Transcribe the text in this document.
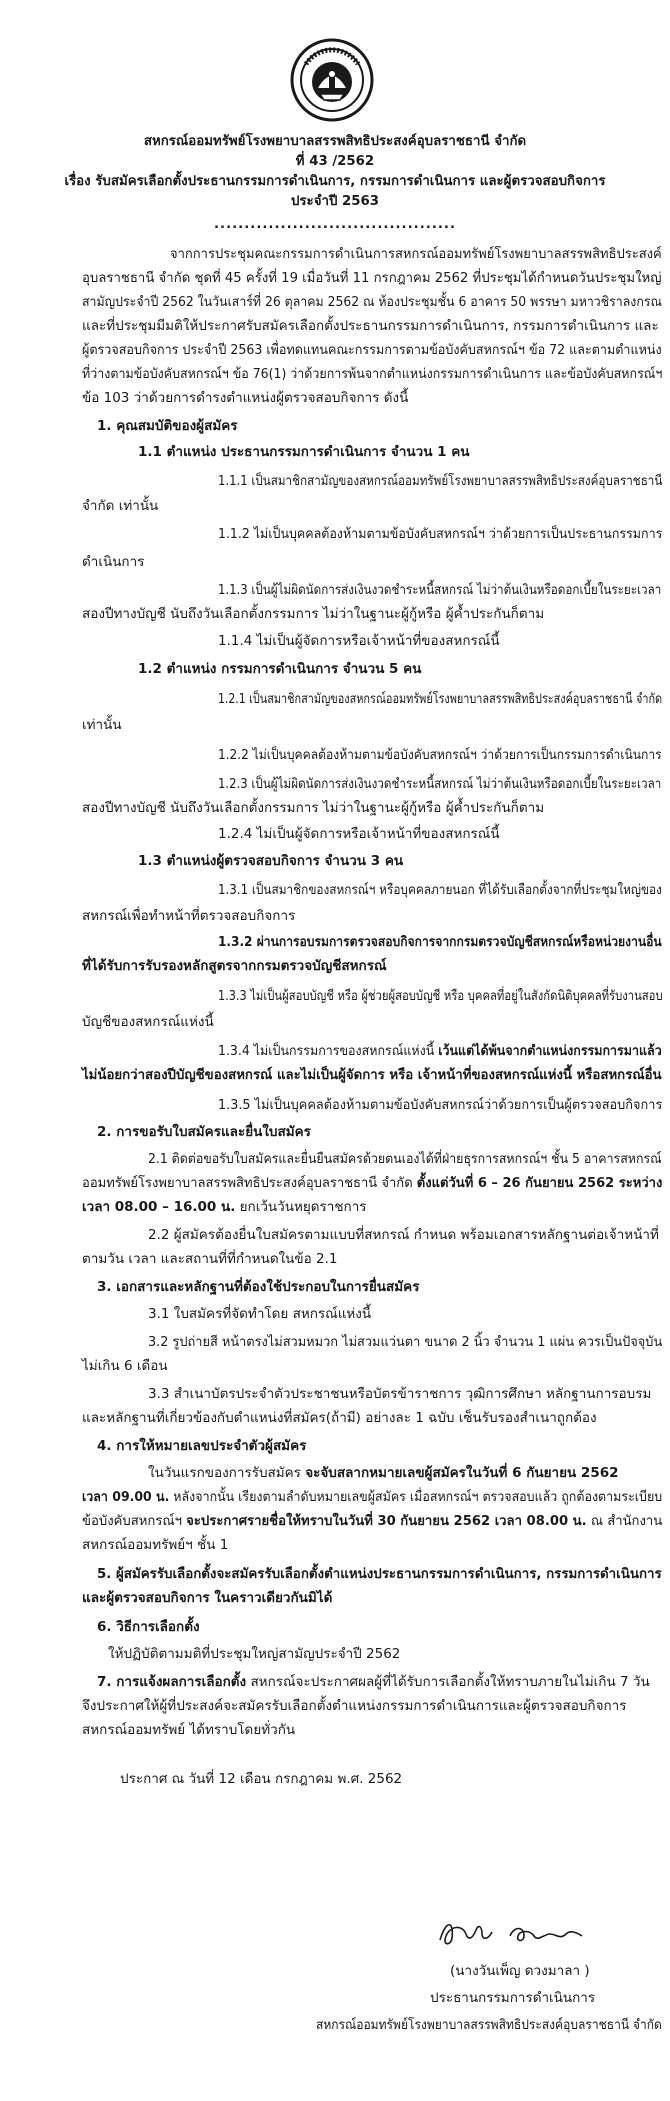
สหกรณ์ออมทรัพย์โรงพยาบาลสรรพสิทธิประสงค์อุบลราชธานี จำกัด
ที่ 43 /2562
เรื่อง รับสมัครเลือกตั้งประธานกรรมการดำเนินการ, กรรมการดำเนินการ และผู้ตรวจสอบกิจการ
ประจำปี 2563
........................................
จากการประชุมคณะกรรมการดำเนินการสหกรณ์ออมทรัพย์โรงพยาบาลสรรพสิทธิประสงค์
อุบลราชธานี จำกัด ชุดที่ 45 ครั้งที่ 19 เมื่อวันที่ 11 กรกฎาคม 2562 ที่ประชุมได้กำหนดวันประชุมใหญ่
สามัญประจำปี 2562 ในวันเสาร์ที่ 26 ตุลาคม 2562 ณ ห้องประชุมชั้น 6 อาคาร 50 พรรษา มหาวชิราลงกรณ
และที่ประชุมมีมติให้ประกาศรับสมัครเลือกตั้งประธานกรรมการดำเนินการ, กรรมการดำเนินการ และ
ผู้ตรวจสอบกิจการ ประจำปี 2563 เพื่อทดแทนคณะกรรมการตามข้อบังคับสหกรณ์ฯ ข้อ 72 และตามตำแหน่ง
ที่ว่างตามข้อบังคับสหกรณ์ฯ ข้อ 76(1) ว่าด้วยการพ้นจากตำแหน่งกรรมการดำเนินการ และข้อบังคับสหกรณ์ฯ
ข้อ 103 ว่าด้วยการดำรงตำแหน่งผู้ตรวจสอบกิจการ ดังนี้
1. คุณสมบัติของผู้สมัคร
1.1 ตำแหน่ง ประธานกรรมการดำเนินการ จำนวน 1 คน
1.1.1 เป็นสมาชิกสามัญของสหกรณ์ออมทรัพย์โรงพยาบาลสรรพสิทธิประสงค์อุบลราชธานี
จำกัด เท่านั้น
1.1.2 ไม่เป็นบุคคลต้องห้ามตามข้อบังคับสหกรณ์ฯ ว่าด้วยการเป็นประธานกรรมการ
ดำเนินการ
1.1.3 เป็นผู้ไม่ผิดนัดการส่งเงินงวดชำระหนี้สหกรณ์ ไม่ว่าต้นเงินหรือดอกเบี้ยในระยะเวลา
สองปีทางบัญชี นับถึงวันเลือกตั้งกรรมการ ไม่ว่าในฐานะผู้กู้หรือ ผู้ค้ำประกันก็ตาม
1.1.4 ไม่เป็นผู้จัดการหรือเจ้าหน้าที่ของสหกรณ์นี้
1.2 ตำแหน่ง กรรมการดำเนินการ จำนวน 5 คน
1.2.1 เป็นสมาชิกสามัญของสหกรณ์ออมทรัพย์โรงพยาบาลสรรพสิทธิประสงค์อุบลราชธานี จำกัด
เท่านั้น
1.2.2 ไม่เป็นบุคคลต้องห้ามตามข้อบังคับสหกรณ์ฯ ว่าด้วยการเป็นกรรมการดำเนินการ
1.2.3 เป็นผู้ไม่ผิดนัดการส่งเงินงวดชำระหนี้สหกรณ์ ไม่ว่าต้นเงินหรือดอกเบี้ยในระยะเวลา
สองปีทางบัญชี นับถึงวันเลือกตั้งกรรมการ ไม่ว่าในฐานะผู้กู้หรือ ผู้ค้ำประกันก็ตาม
1.2.4 ไม่เป็นผู้จัดการหรือเจ้าหน้าที่ของสหกรณ์นี้
1.3 ตำแหน่งผู้ตรวจสอบกิจการ จำนวน 3 คน
1.3.1 เป็นสมาชิกของสหกรณ์ฯ หรือบุคคลภายนอก ที่ได้รับเลือกตั้งจากที่ประชุมใหญ่ของ
สหกรณ์เพื่อทำหน้าที่ตรวจสอบกิจการ
1.3.2 ผ่านการอบรมการตรวจสอบกิจการจากกรมตรวจบัญชีสหกรณ์หรือหน่วยงานอื่น
ที่ได้รับการรับรองหลักสูตรจากกรมตรวจบัญชีสหกรณ์
1.3.3 ไม่เป็นผู้สอบบัญชี หรือ ผู้ช่วยผู้สอบบัญชี หรือ บุคคลที่อยู่ในสังกัดนิติบุคคลที่รับงานสอบ
บัญชีของสหกรณ์แห่งนี้
1.3.4 ไม่เป็นกรรมการของสหกรณ์แห่งนี้ เว้นแต่ได้พ้นจากตำแหน่งกรรมการมาแล้ว
ไม่น้อยกว่าสองปีบัญชีของสหกรณ์ และไม่เป็นผู้จัดการ หรือ เจ้าหน้าที่ของสหกรณ์แห่งนี้ หรือสหกรณ์อื่น
1.3.5 ไม่เป็นบุคคลต้องห้ามตามข้อบังคับสหกรณ์ว่าด้วยการเป็นผู้ตรวจสอบกิจการ
2. การขอรับใบสมัครและยื่นใบสมัคร
2.1 ติดต่อขอรับใบสมัครและยื่นยืนสมัครด้วยตนเองได้ที่ฝ่ายธุรการสหกรณ์ฯ ชั้น 5 อาคารสหกรณ์
ออมทรัพย์โรงพยาบาลสรรพสิทธิประสงค์อุบลราชธานี จำกัด ตั้งแต่วันที่ 6 – 26 กันยายน 2562 ระหว่าง
เวลา 08.00 – 16.00 น. ยกเว้นวันหยุดราชการ
2.2 ผู้สมัครต้องยื่นใบสมัครตามแบบที่สหกรณ์ กำหนด พร้อมเอกสารหลักฐานต่อเจ้าหน้าที่
ตามวัน เวลา และสถานที่ที่กำหนดในข้อ 2.1
3. เอกสารและหลักฐานที่ต้องใช้ประกอบในการยื่นสมัคร
3.1 ใบสมัครที่จัดทำโดย สหกรณ์แห่งนี้
3.2 รูปถ่ายสี หน้าตรงไม่สวมหมวก ไม่สวมแว่นตา ขนาด 2 นิ้ว จำนวน 1 แผ่น ควรเป็นปัจจุบัน
ไม่เกิน 6 เดือน
3.3 สำเนาบัตรประจำตัวประชาชนหรือบัตรข้าราชการ วุฒิการศึกษา หลักฐานการอบรม
และหลักฐานที่เกี่ยวข้องกับตำแหน่งที่สมัคร(ถ้ามี) อย่างละ 1 ฉบับ เซ็นรับรองสำเนาถูกต้อง
4. การให้หมายเลขประจำตัวผู้สมัคร
ในวันแรกของการรับสมัคร จะจับสลากหมายเลขผู้สมัครในวันที่ 6 กันยายน 2562
เวลา 09.00 น. หลังจากนั้น เรียงตามลำดับหมายเลขผู้สมัคร เมื่อสหกรณ์ฯ ตรวจสอบแล้ว ถูกต้องตามระเบียบ
ข้อบังคับสหกรณ์ฯ จะประกาศรายชื่อให้ทราบในวันที่ 30 กันยายน 2562 เวลา 08.00 น. ณ สำนักงาน
สหกรณ์ออมทรัพย์ฯ ชั้น 1
5. ผู้สมัครรับเลือกตั้งจะสมัครรับเลือกตั้งตำแหน่งประธานกรรมการดำเนินการ, กรรมการดำเนินการ
และผู้ตรวจสอบกิจการ ในคราวเดียวกันมิได้
6. วิธีการเลือกตั้ง
ให้ปฏิบัติตามมติที่ประชุมใหญ่สามัญประจำปี 2562
7. การแจ้งผลการเลือกตั้ง สหกรณ์จะประกาศผลผู้ที่ได้รับการเลือกตั้งให้ทราบภายในไม่เกิน 7 วัน
จึงประกาศให้ผู้ที่ประสงค์จะสมัครรับเลือกตั้งตำแหน่งกรรมการดำเนินการและผู้ตรวจสอบกิจการ
สหกรณ์ออมทรัพย์ ได้ทราบโดยทั่วกัน
ประกาศ ณ วันที่ 12 เดือน กรกฎาคม พ.ศ. 2562
(นางวันเพ็ญ ดวงมาลา )
ประธานกรรมการดำเนินการ
สหกรณ์ออมทรัพย์โรงพยาบาลสรรพสิทธิประสงค์อุบลราชธานี จำกัด
